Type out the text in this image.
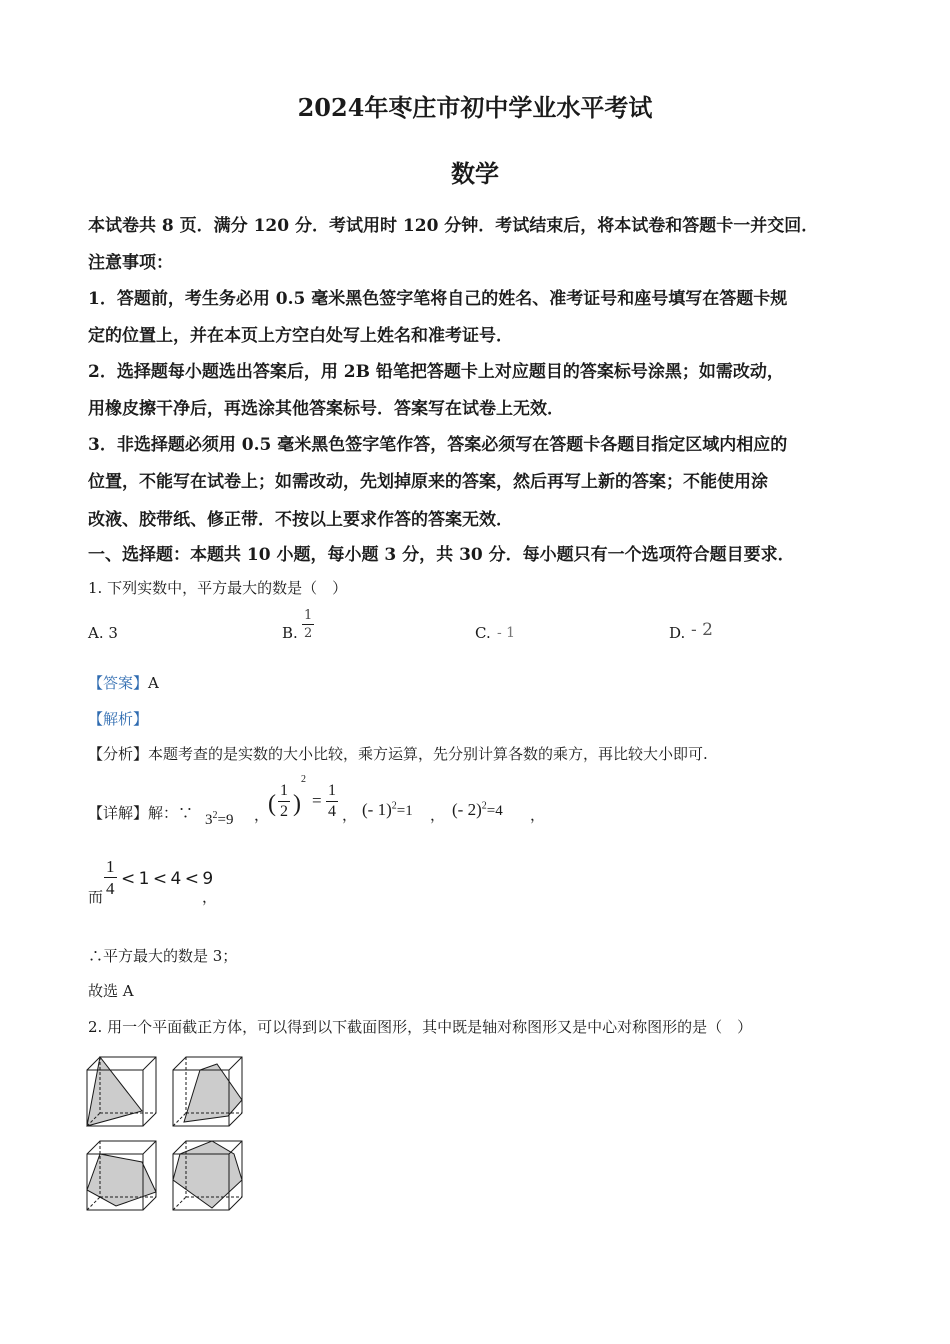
2024年枣庄市初中学业水平考试
数学
本试卷共 8 页．满分 120 分．考试用时 120 分钟．考试结束后，将本试卷和答题卡一并交回．
注意事项：
1．答题前，考生务必用 0.5 毫米黑色签字笔将自己的姓名、准考证号和座号填写在答题卡规
定的位置上，并在本页上方空白处写上姓名和准考证号．
2．选择题每小题选出答案后，用 2B 铅笔把答题卡上对应题目的答案标号涂黑；如需改动，
用橡皮擦干净后，再选涂其他答案标号．答案写在试卷上无效．
3．非选择题必须用 0.5 毫米黑色签字笔作答，答案必须写在答题卡各题目指定区域内相应的
位置，不能写在试卷上；如需改动，先划掉原来的答案，然后再写上新的答案；不能使用涂
改液、胶带纸、修正带．不按以上要求作答的答案无效．
一、选择题：本题共 10 小题，每小题 3 分，共 30 分．每小题只有一个选项符合题目要求．
1. 下列实数中，平方最大的数是（　）
A. 3	B. $\frac{1}{2}$	C. - 1	D. - 2
【答案】A
【解析】
【分析】本题考查的是实数的大小比较，乘方运算，先分别计算各数的乘方，再比较大小即可.
【详解】解：∵ $3^2=9$ ，
( $\frac{1}{2}$ )
2
= $\frac{1}{4}$ ， (- 1)$^2$=1 ， (- 2)$^2$=4 ，
而 $\frac{1}{4} < 1 < 4 < 9$
，
∴平方最大的数是 3；
故选 A
2. 用一个平面截正方体，可以得到以下截面图形，其中既是轴对称图形又是中心对称图形的是（　）
